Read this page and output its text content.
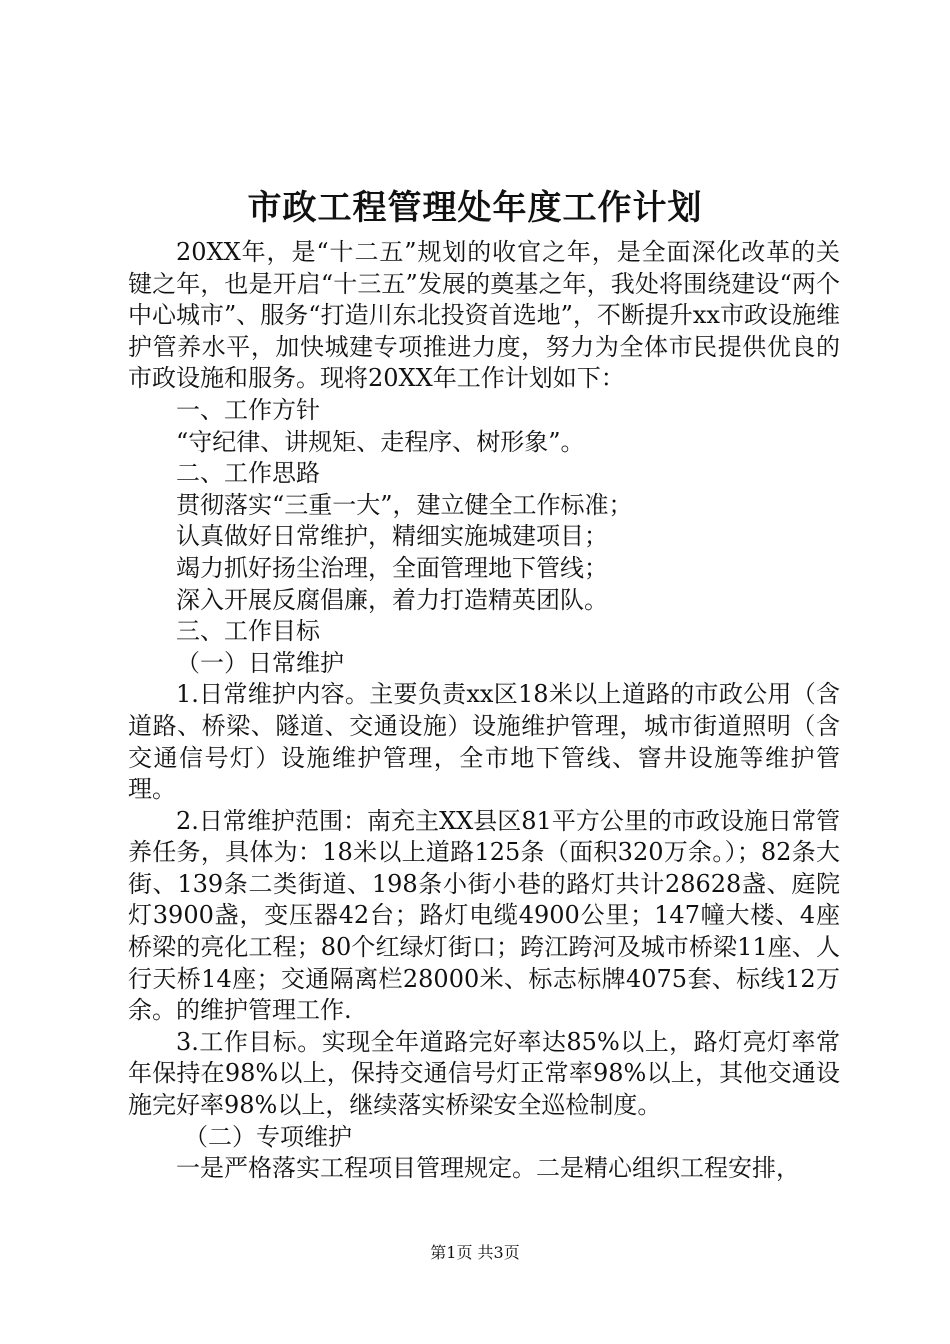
市政工程管理处年度工作计划

20XX年，是“十二五”规划的收官之年，是全面深化改革的关键之年，也是开启“十三五”发展的奠基之年，我处将围绕建设“两个中心城市”、服务“打造川东北投资首选地”，不断提升xx市政设施维护管养水平，加快城建专项推进力度，努力为全体市民提供优良的市政设施和服务。现将20XX年工作计划如下：

一、工作方针

“守纪律、讲规矩、走程序、树形象”。

二、工作思路

贯彻落实“三重一大”，建立健全工作标准；

认真做好日常维护，精细实施城建项目；

竭力抓好扬尘治理，全面管理地下管线；

深入开展反腐倡廉，着力打造精英团队。

三、工作目标

（一）日常维护

1.日常维护内容。主要负责xx区18米以上道路的市政公用（含道路、桥梁、隧道、交通设施）设施维护管理，城市街道照明（含交通信号灯）设施维护管理，全市地下管线、窨井设施等维护管理。

2.日常维护范围：南充主XX县区81平方公里的市政设施日常管养任务，具体为：18米以上道路125条（面积320万余。）；82条大街、139条二类街道、198条小街小巷的路灯共计28628盏、庭院灯3900盏，变压器42台；路灯电缆4900公里；147幢大楼、4座桥梁的亮化工程；80个红绿灯街口；跨江跨河及城市桥梁11座、人行天桥14座；交通隔离栏28000米、标志标牌4075套、标线12万余。的维护管理工作.

3.工作目标。实现全年道路完好率达85%以上，路灯亮灯率常年保持在98%以上，保持交通信号灯正常率98%以上，其他交通设施完好率98%以上，继续落实桥梁安全巡检制度。

（二）专项维护

一是严格落实工程项目管理规定。二是精心组织工程安排，

第1页 共3页
